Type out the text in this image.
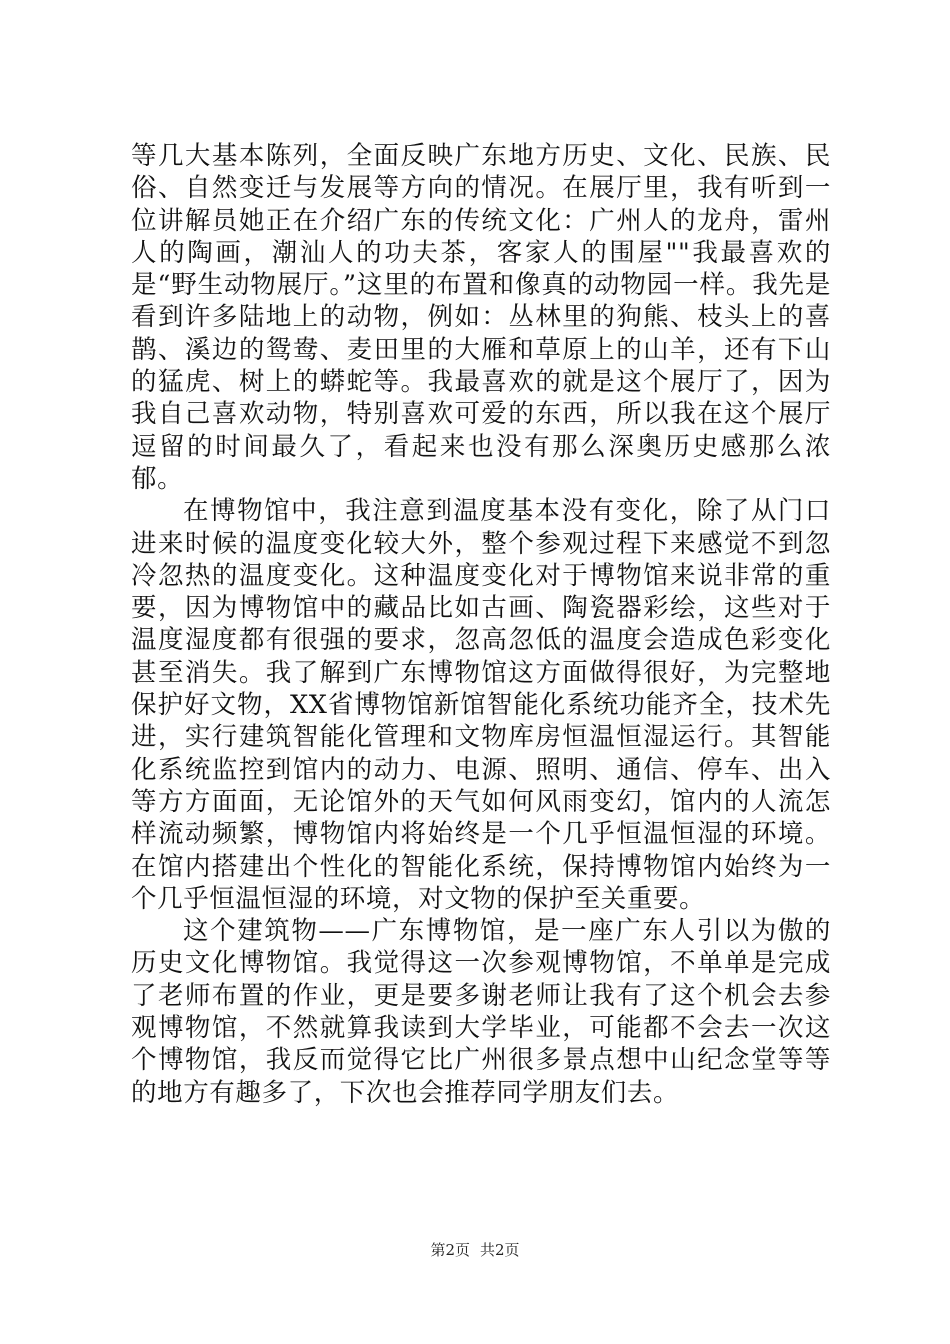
等几大基本陈列，全面反映广东地方历史、文化、民族、民俗、自然变迁与发展等方向的情况。在展厅里，我有听到一位讲解员她正在介绍广东的传统文化：广州人的龙舟，雷州人的陶画，潮汕人的功夫茶，客家人的围屋""我最喜欢的是“野生动物展厅。”这里的布置和像真的动物园一样。我先是看到许多陆地上的动物，例如：丛林里的狗熊、枝头上的喜鹊、溪边的鸳鸯、麦田里的大雁和草原上的山羊，还有下山的猛虎、树上的蟒蛇等。我最喜欢的就是这个展厅了，因为我自己喜欢动物，特别喜欢可爱的东西，所以我在这个展厅逗留的时间最久了，看起来也没有那么深奥历史感那么浓郁。

在博物馆中，我注意到温度基本没有变化，除了从门口进来时候的温度变化较大外，整个参观过程下来感觉不到忽冷忽热的温度变化。这种温度变化对于博物馆来说非常的重要，因为博物馆中的藏品比如古画、陶瓷器彩绘，这些对于温度湿度都有很强的要求，忽高忽低的温度会造成色彩变化甚至消失。我了解到广东博物馆这方面做得很好，为完整地保护好文物，XX省博物馆新馆智能化系统功能齐全，技术先进，实行建筑智能化管理和文物库房恒温恒湿运行。其智能化系统监控到馆内的动力、电源、照明、通信、停车、出入等方方面面，无论馆外的天气如何风雨变幻，馆内的人流怎样流动频繁，博物馆内将始终是一个几乎恒温恒湿的环境。在馆内搭建出个性化的智能化系统，保持博物馆内始终为一个几乎恒温恒湿的环境，对文物的保护至关重要。

这个建筑物——广东博物馆，是一座广东人引以为傲的历史文化博物馆。我觉得这一次参观博物馆，不单单是完成了老师布置的作业，更是要多谢老师让我有了这个机会去参观博物馆，不然就算我读到大学毕业，可能都不会去一次这个博物馆，我反而觉得它比广州很多景点想中山纪念堂等等的地方有趣多了，下次也会推荐同学朋友们去。

第2页 共2页
